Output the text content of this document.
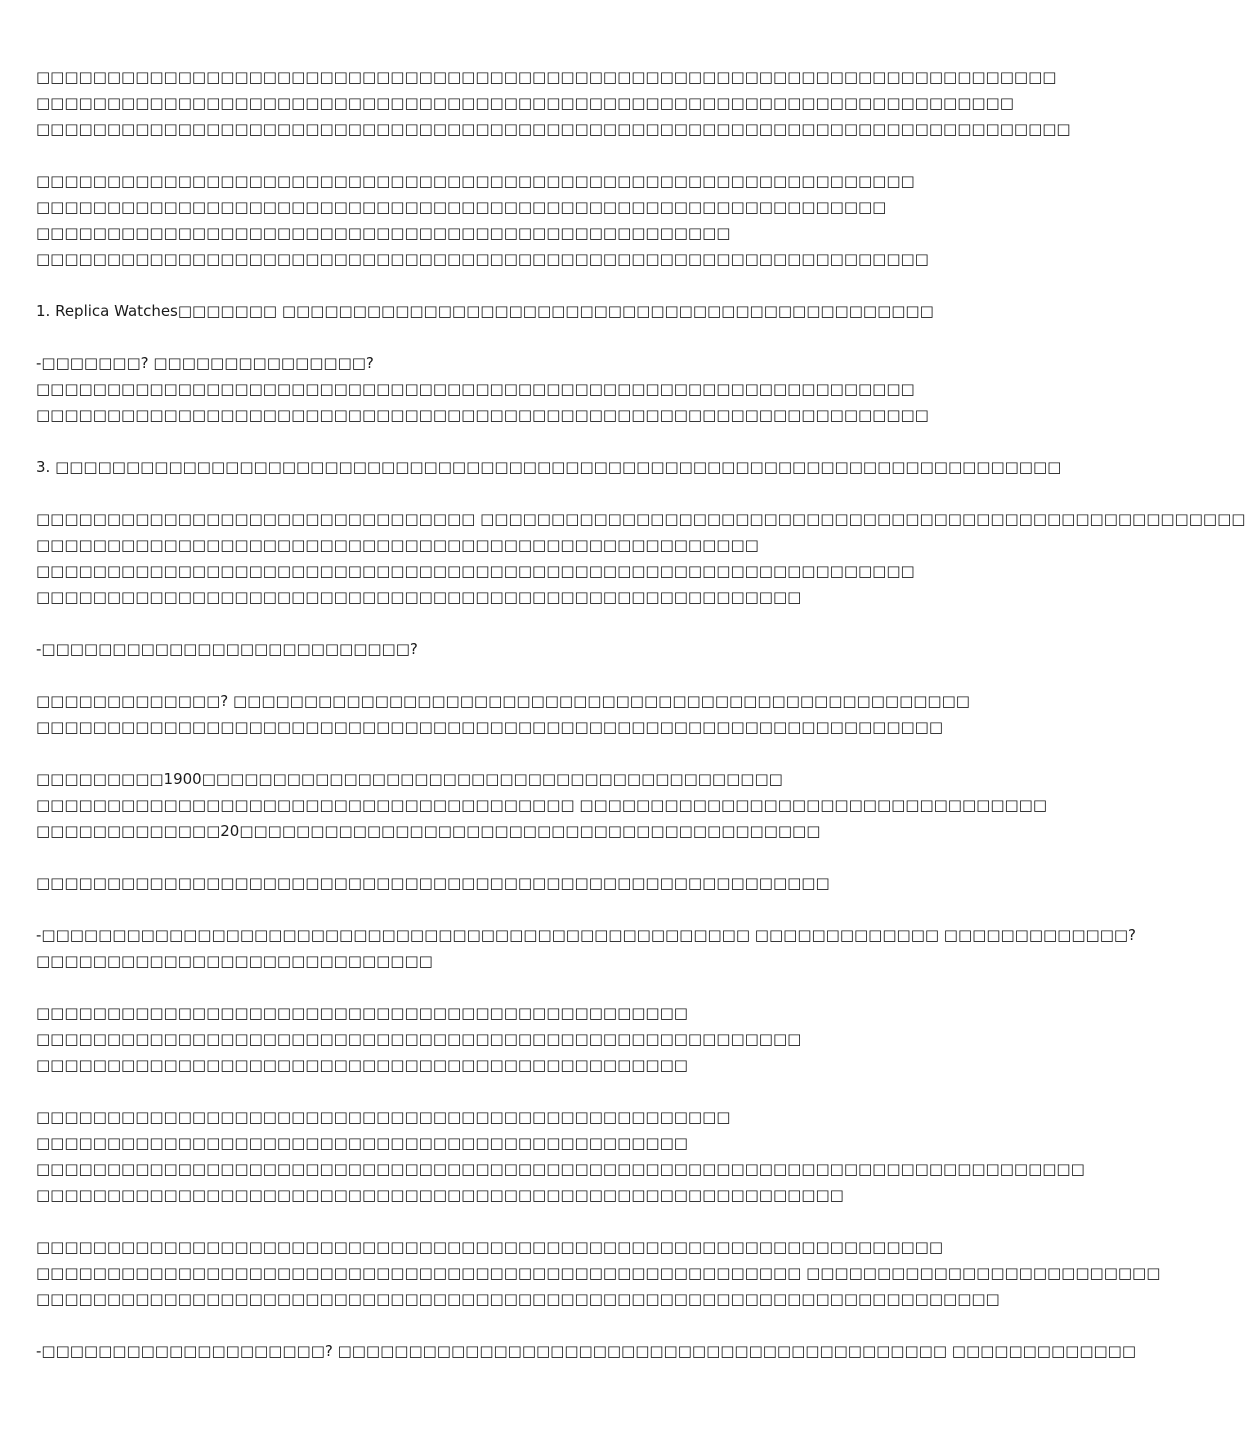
□□□□□□□□□□□□□□□□□□□□□□□□□□□□□□□□□□□□□□□□□□□□□□□□□□□□□□□□□□□□□□□□□□□□□□□□
□□□□□□□□□□□□□□□□□□□□□□□□□□□□□□□□□□□□□□□□□□□□□□□□□□□□□□□□□□□□□□□□□□□□□
□□□□□□□□□□□□□□□□□□□□□□□□□□□□□□□□□□□□□□□□□□□□□□□□□□□□□□□□□□□□□□□□□□□□□□□□□
□□□□□□□□□□□□□□□□□□□□□□□□□□□□□□□□□□□□□□□□□□□□□□□□□□□□□□□□□□□□□□
□□□□□□□□□□□□□□□□□□□□□□□□□□□□□□□□□□□□□□□□□□□□□□□□□□□□□□□□□□□□
□□□□□□□□□□□□□□□□□□□□□□□□□□□□□□□□□□□□□□□□□□□□□□□□□
□□□□□□□□□□□□□□□□□□□□□□□□□□□□□□□□□□□□□□□□□□□□□□□□□□□□□□□□□□□□□□□
1. Replica Watches□□□□□□□ □□□□□□□□□□□□□□□□□□□□□□□□□□□□□□□□□□□□□□□□□□□□□□
-□□□□□□□? □□□□□□□□□□□□□□□?
□□□□□□□□□□□□□□□□□□□□□□□□□□□□□□□□□□□□□□□□□□□□□□□□□□□□□□□□□□□□□□
□□□□□□□□□□□□□□□□□□□□□□□□□□□□□□□□□□□□□□□□□□□□□□□□□□□□□□□□□□□□□□□
3. □□□□□□□□□□□□□□□□□□□□□□□□□□□□□□□□□□□□□□□□□□□□□□□□□□□□□□□□□□□□□□□□□□□□□□□
□□□□□□□□□□□□□□□□□□□□□□□□□□□□□□□ □□□□□□□□□□□□□□□□□□□□□□□□□□□□□□□□□□□□□□□□□□□□□□□□□□□□□□
□□□□□□□□□□□□□□□□□□□□□□□□□□□□□□□□□□□□□□□□□□□□□□□□□□□
□□□□□□□□□□□□□□□□□□□□□□□□□□□□□□□□□□□□□□□□□□□□□□□□□□□□□□□□□□□□□□
□□□□□□□□□□□□□□□□□□□□□□□□□□□□□□□□□□□□□□□□□□□□□□□□□□□□□□
-□□□□□□□□□□□□□□□□□□□□□□□□□□?
□□□□□□□□□□□□□? □□□□□□□□□□□□□□□□□□□□□□□□□□□□□□□□□□□□□□□□□□□□□□□□□□□□
□□□□□□□□□□□□□□□□□□□□□□□□□□□□□□□□□□□□□□□□□□□□□□□□□□□□□□□□□□□□□□□□
□□□□□□□□□1900□□□□□□□□□□□□□□□□□□□□□□□□□□□□□□□□□□□□□□□□□
□□□□□□□□□□□□□□□□□□□□□□□□□□□□□□□□□□□□□□ □□□□□□□□□□□□□□□□□□□□□□□□□□□□□□□□□
□□□□□□□□□□□□□20□□□□□□□□□□□□□□□□□□□□□□□□□□□□□□□□□□□□□□□□□
□□□□□□□□□□□□□□□□□□□□□□□□□□□□□□□□□□□□□□□□□□□□□□□□□□□□□□□□
-□□□□□□□□□□□□□□□□□□□□□□□□□□□□□□□□□□□□□□□□□□□□□□□□□□ □□□□□□□□□□□□□ □□□□□□□□□□□□□?
□□□□□□□□□□□□□□□□□□□□□□□□□□□□
□□□□□□□□□□□□□□□□□□□□□□□□□□□□□□□□□□□□□□□□□□□□□□
□□□□□□□□□□□□□□□□□□□□□□□□□□□□□□□□□□□□□□□□□□□□□□□□□□□□□□
□□□□□□□□□□□□□□□□□□□□□□□□□□□□□□□□□□□□□□□□□□□□□□
□□□□□□□□□□□□□□□□□□□□□□□□□□□□□□□□□□□□□□□□□□□□□□□□□
□□□□□□□□□□□□□□□□□□□□□□□□□□□□□□□□□□□□□□□□□□□□□□
□□□□□□□□□□□□□□□□□□□□□□□□□□□□□□□□□□□□□□□□□□□□□□□□□□□□□□□□□□□□□□□□□□□□□□□□□□
□□□□□□□□□□□□□□□□□□□□□□□□□□□□□□□□□□□□□□□□□□□□□□□□□□□□□□□□□
□□□□□□□□□□□□□□□□□□□□□□□□□□□□□□□□□□□□□□□□□□□□□□□□□□□□□□□□□□□□□□□□
□□□□□□□□□□□□□□□□□□□□□□□□□□□□□□□□□□□□□□□□□□□□□□□□□□□□□□ □□□□□□□□□□□□□□□□□□□□□□□□□
□□□□□□□□□□□□□□□□□□□□□□□□□□□□□□□□□□□□□□□□□□□□□□□□□□□□□□□□□□□□□□□□□□□□
-□□□□□□□□□□□□□□□□□□□□? □□□□□□□□□□□□□□□□□□□□□□□□□□□□□□□□□□□□□□□□□□□ □□□□□□□□□□□□□
